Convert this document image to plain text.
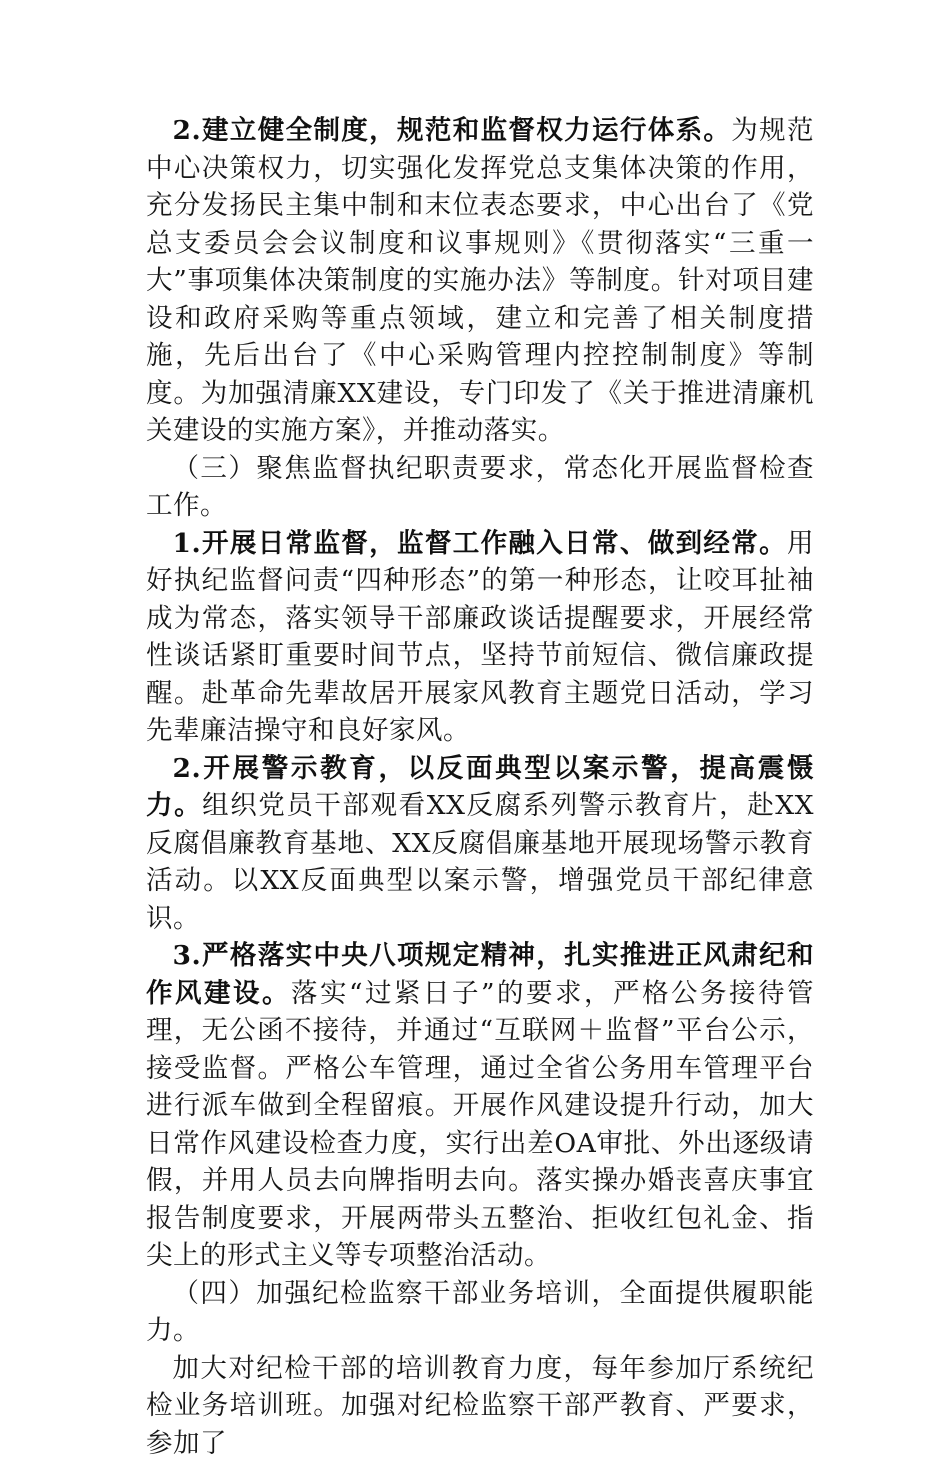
2.建立健全制度，规范和监督权力运行体系。为规范中心决策权力，切实强化发挥党总支集体决策的作用，充分发扬民主集中制和末位表态要求，中心出台了《党总支委员会会议制度和议事规则》《贯彻落实“三重一大”事项集体决策制度的实施办法》等制度。针对项目建设和政府采购等重点领域，建立和完善了相关制度措施，先后出台了《中心采购管理内控控制制度》等制度。为加强清廉XX建设，专门印发了《关于推进清廉机关建设的实施方案》，并推动落实。

（三）聚焦监督执纪职责要求，常态化开展监督检查工作。

1.开展日常监督，监督工作融入日常、做到经常。用好执纪监督问责“四种形态”的第一种形态，让咬耳扯袖成为常态，落实领导干部廉政谈话提醒要求，开展经常性谈话紧盯重要时间节点，坚持节前短信、微信廉政提醒。赴革命先辈故居开展家风教育主题党日活动，学习先辈廉洁操守和良好家风。

2.开展警示教育，以反面典型以案示警，提高震慑力。组织党员干部观看XX反腐系列警示教育片，赴XX反腐倡廉教育基地、XX反腐倡廉基地开展现场警示教育活动。以XX反面典型以案示警，增强党员干部纪律意识。

3.严格落实中央八项规定精神，扎实推进正风肃纪和作风建设。落实“过紧日子”的要求，严格公务接待管理，无公函不接待，并通过“互联网＋监督”平台公示，接受监督。严格公车管理，通过全省公务用车管理平台进行派车做到全程留痕。开展作风建设提升行动，加大日常作风建设检查力度，实行出差OA审批、外出逐级请假，并用人员去向牌指明去向。落实操办婚丧喜庆事宜报告制度要求，开展两带头五整治、拒收红包礼金、指尖上的形式主义等专项整治活动。

（四）加强纪检监察干部业务培训，全面提供履职能力。

加大对纪检干部的培训教育力度，每年参加厅系统纪检业务培训班。加强对纪检监察干部严教育、严要求，参加了
